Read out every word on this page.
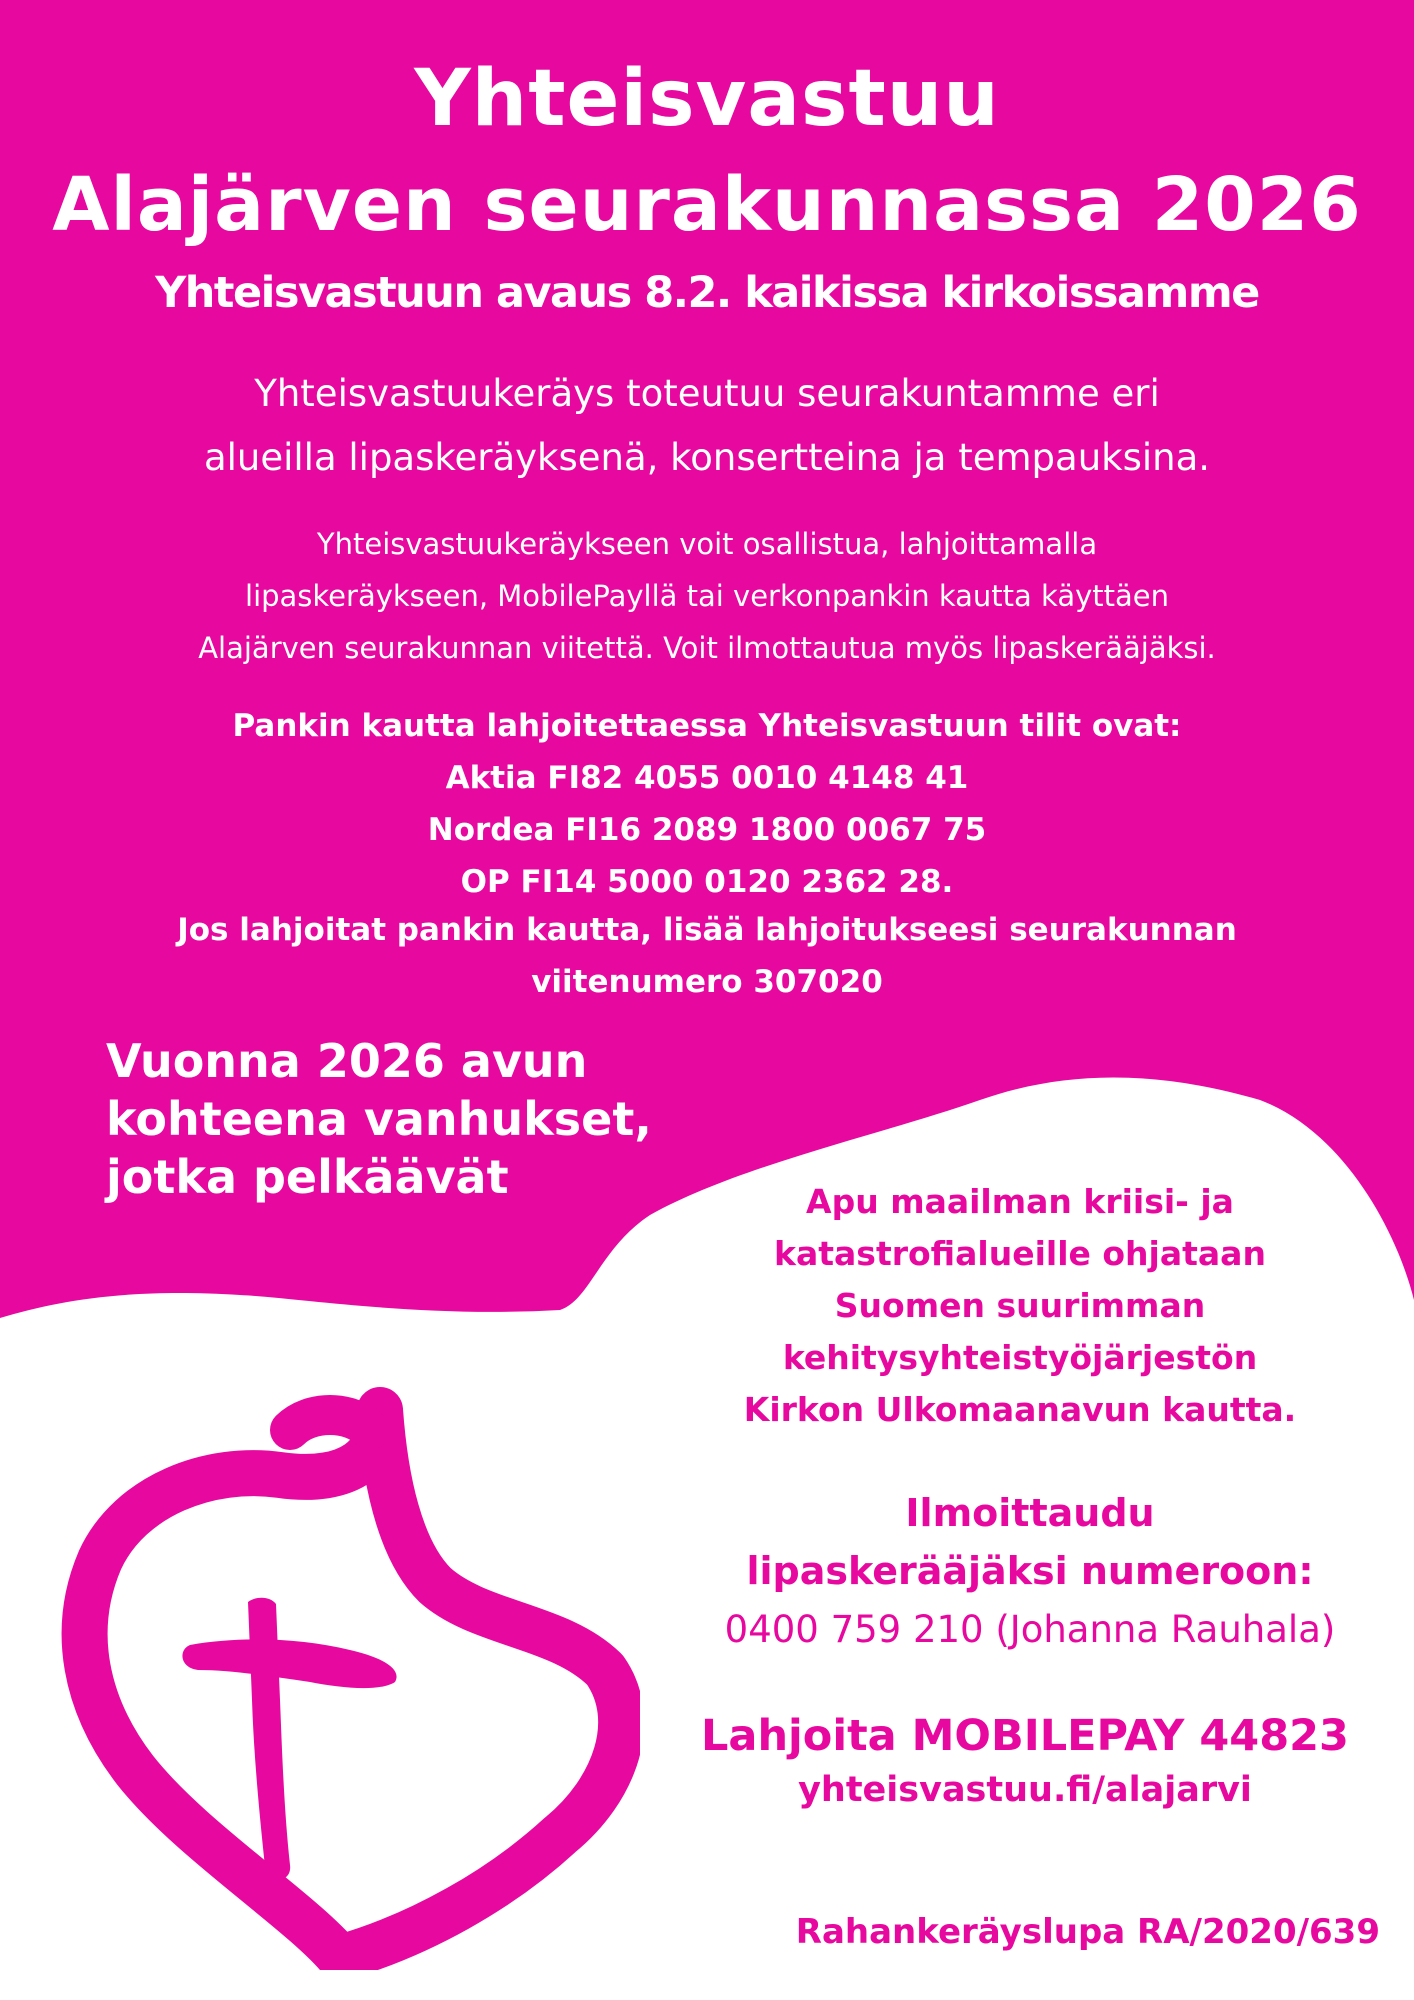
Yhteisvastuu
Alajärven seurakunnassa 2026
Yhteisvastuun avaus 8.2. kaikissa kirkoissamme
Yhteisvastuukeräys toteutuu seurakuntamme eri
alueilla lipaskeräyksenä, konsertteina ja tempauksina.
Yhteisvastuukeräykseen voit osallistua, lahjoittamalla
lipaskeräykseen, MobilePayllä tai verkonpankin kautta käyttäen
Alajärven seurakunnan viitettä. Voit ilmottautua myös lipaskerääjäksi.
Pankin kautta lahjoitettaessa Yhteisvastuun tilit ovat:
Aktia FI82 4055 0010 4148 41
Nordea FI16 2089 1800 0067 75
OP FI14 5000 0120 2362 28.
Jos lahjoitat pankin kautta, lisää lahjoitukseesi seurakunnan
viitenumero 307020
Vuonna 2026 avun
kohteena vanhukset,
jotka pelkäävät	Apu maailman kriisi- ja
katastrofialueille ohjataan
Suomen suurimman
kehitysyhteistyöjärjestön
Kirkon Ulkomaanavun kautta.
Ilmoittaudu
lipaskerääjäksi numeroon:
0400 759 210 (Johanna Rauhala)
Lahjoita MOBILEPAY 44823
yhteisvastuu.fi/alajarvi
Rahankeräyslupa RA/2020/639
